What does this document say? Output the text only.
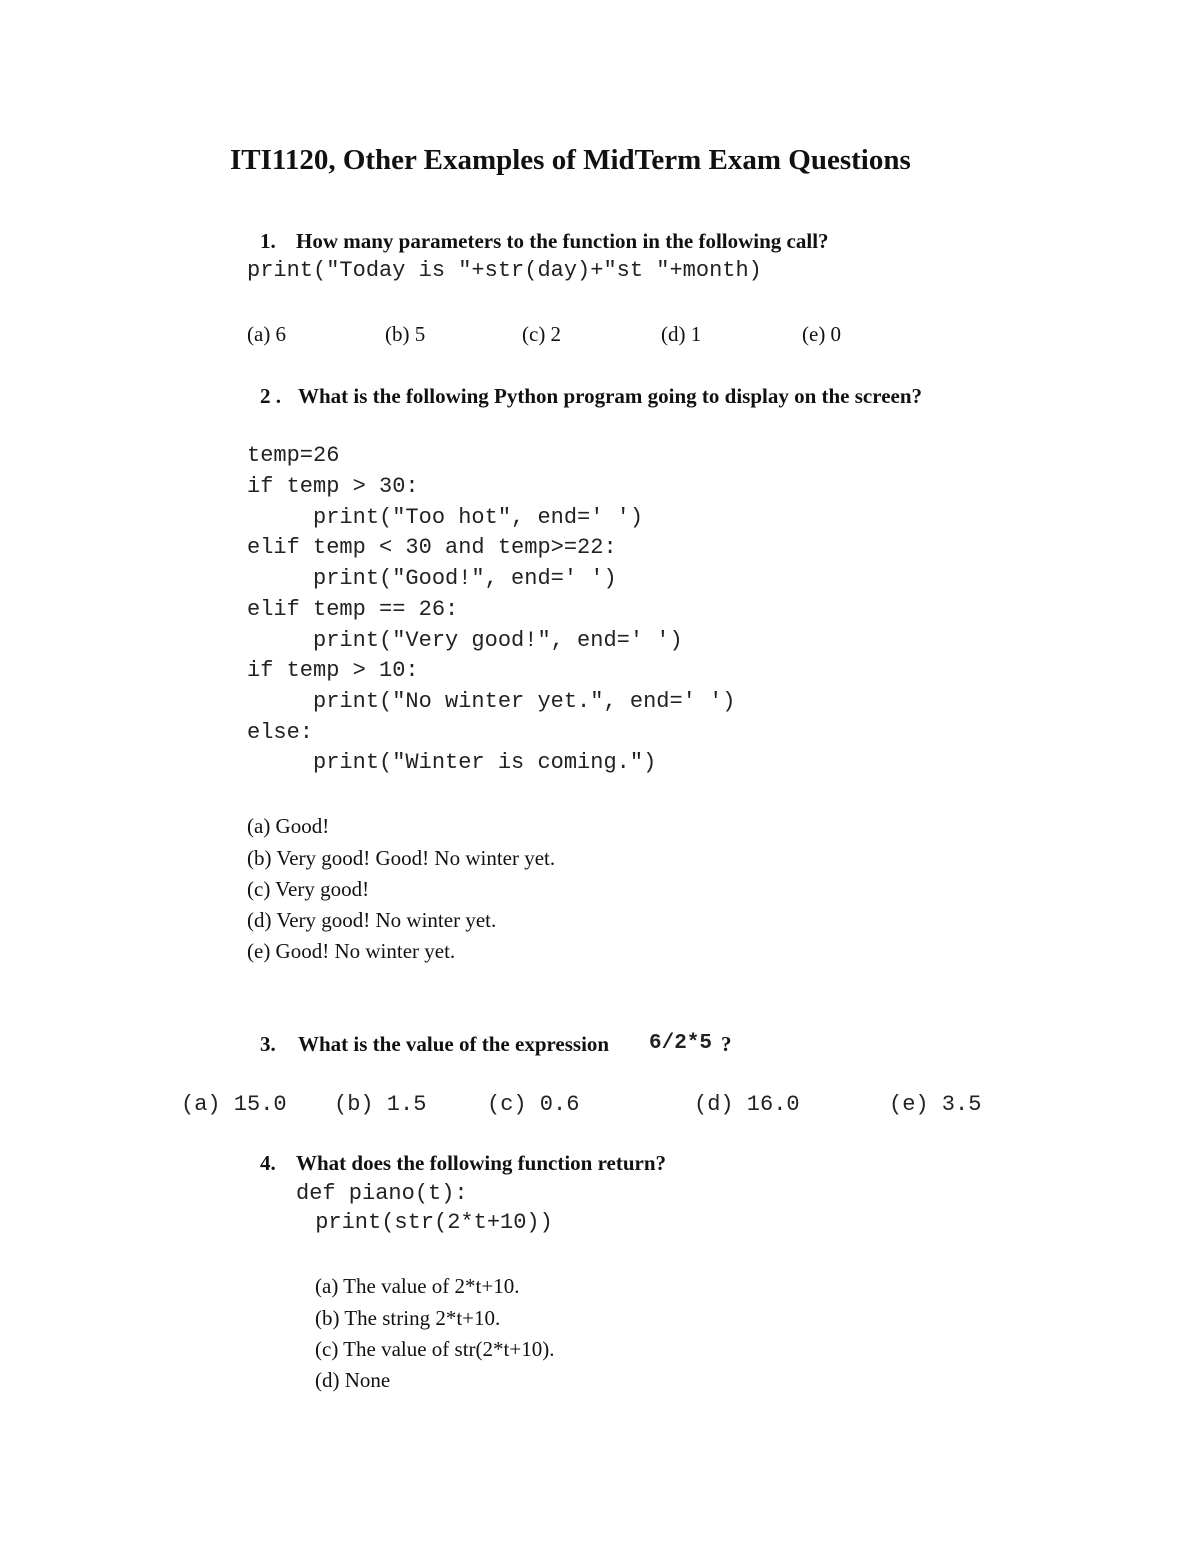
ITI1120, Other Examples of MidTerm Exam Questions
1. How many parameters to the function in the following call?
print("Today is "+str(day)+"st "+month)
(a) 6	(b) 5	(c) 2	(d) 1	(e) 0
2 . What is the following Python program going to display on the screen?
temp=26
if temp > 30:
print("Too hot", end=' ')
elif temp < 30 and temp>=22:
print("Good!", end=' ')
elif temp == 26:
print("Very good!", end=' ')
if temp > 10:
print("No winter yet.", end=' ')
else:
print("Winter is coming.")
(a) Good!
(b) Very good! Good! No winter yet.
(c) Very good!
(d) Very good! No winter yet.
(e) Good! No winter yet.
3. What is the value of the expression 6/2*5 ?
(a) 15.0 (b) 1.5	(c) 0.6	(d) 16.0	(e) 3.5
4. What does the following function return?
def piano(t):
print(str(2*t+10))
(a) The value of 2*t+10.
(b) The string 2*t+10.
(c) The value of str(2*t+10).
(d) None
